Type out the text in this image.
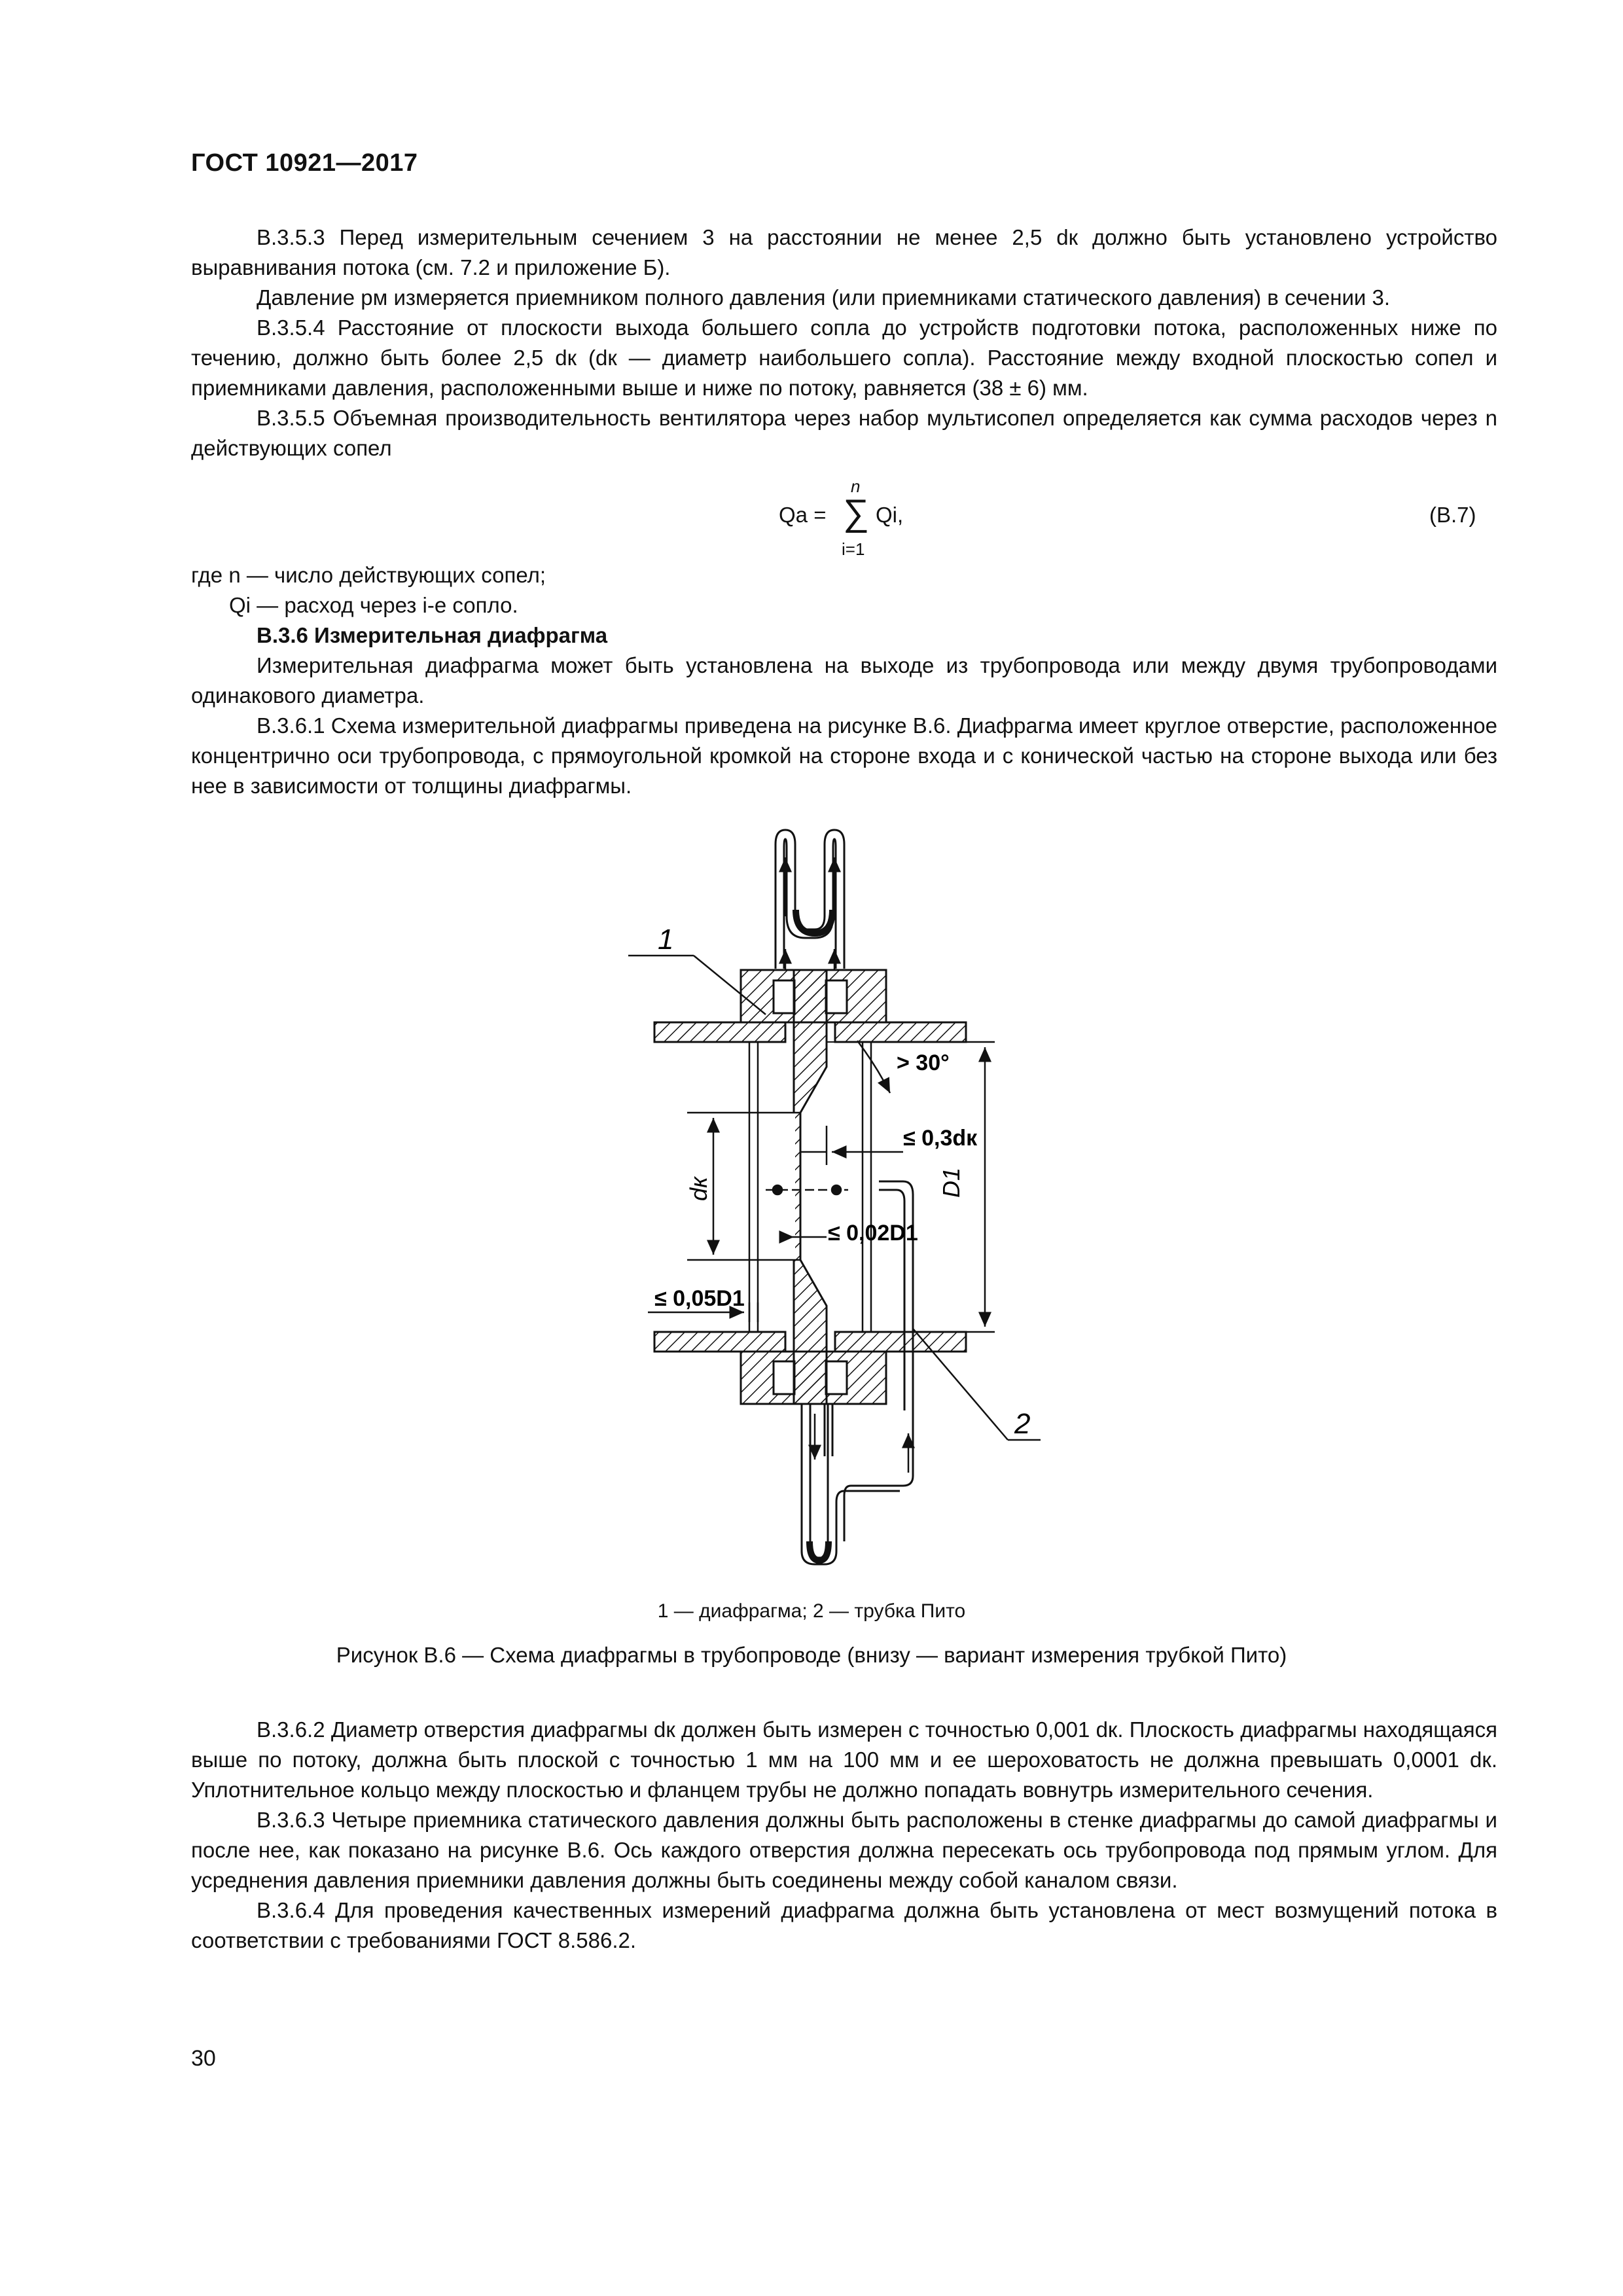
ГОСТ 10921—2017

В.3.5.3 Перед измерительным сечением 3 на расстоянии не менее 2,5 dк должно быть установлено устройство выравнивания потока (см. 7.2 и приложение Б).

Давление pм измеряется приемником полного давления (или приемниками статического давления) в сечении 3.

В.3.5.4 Расстояние от плоскости выхода большего сопла до устройств подготовки потока, расположенных ниже по течению, должно быть более 2,5 dк (dк — диаметр наибольшего сопла). Расстояние между входной плоскостью сопел и приемниками давления, расположенными выше и ниже по потоку, равняется (38 ± 6) мм.

В.3.5.5 Объемная производительность вентилятора через набор мультисопел определяется как сумма расходов через n действующих сопел

Qa =
n
∑
i=1
Qi,	(В.7)
где n — число действующих сопел;
Qi — расход через i-е сопло.

В.3.6 Измерительная диафрагма

Измерительная диафрагма может быть установлена на выходе из трубопровода или между двумя трубопроводами одинакового диаметра.

В.3.6.1 Схема измерительной диафрагмы приведена на рисунке В.6. Диафрагма имеет круглое отверстие, расположенное концентрично оси трубопровода, с прямоугольной кромкой на стороне входа и с конической частью на стороне выхода или без нее в зависимости от толщины диафрагмы.

D1
dк
> 30°
≤ 0,3dк
≤ 0,02D1
≤ 0,05D1
1
2
1 — диафрагма; 2 — трубка Пито
Рисунок В.6 — Схема диафрагмы в трубопроводе (внизу — вариант измерения трубкой Пито)

В.3.6.2 Диаметр отверстия диафрагмы dк должен быть измерен с точностью 0,001 dк. Плоскость диафрагмы находящаяся выше по потоку, должна быть плоской с точностью 1 мм на 100 мм и ее шероховатость не должна превышать 0,0001 dк. Уплотнительное кольцо между плоскостью и фланцем трубы не должно попадать вовнутрь измерительного сечения.

В.3.6.3 Четыре приемника статического давления должны быть расположены в стенке диафрагмы до самой диафрагмы и после нее, как показано на рисунке В.6. Ось каждого отверстия должна пересекать ось трубопровода под прямым углом. Для усреднения давления приемники давления должны быть соединены между собой каналом связи.

В.3.6.4 Для проведения качественных измерений диафрагма должна быть установлена от мест возмущений потока в соответствии с требованиями ГОСТ 8.586.2.

30
